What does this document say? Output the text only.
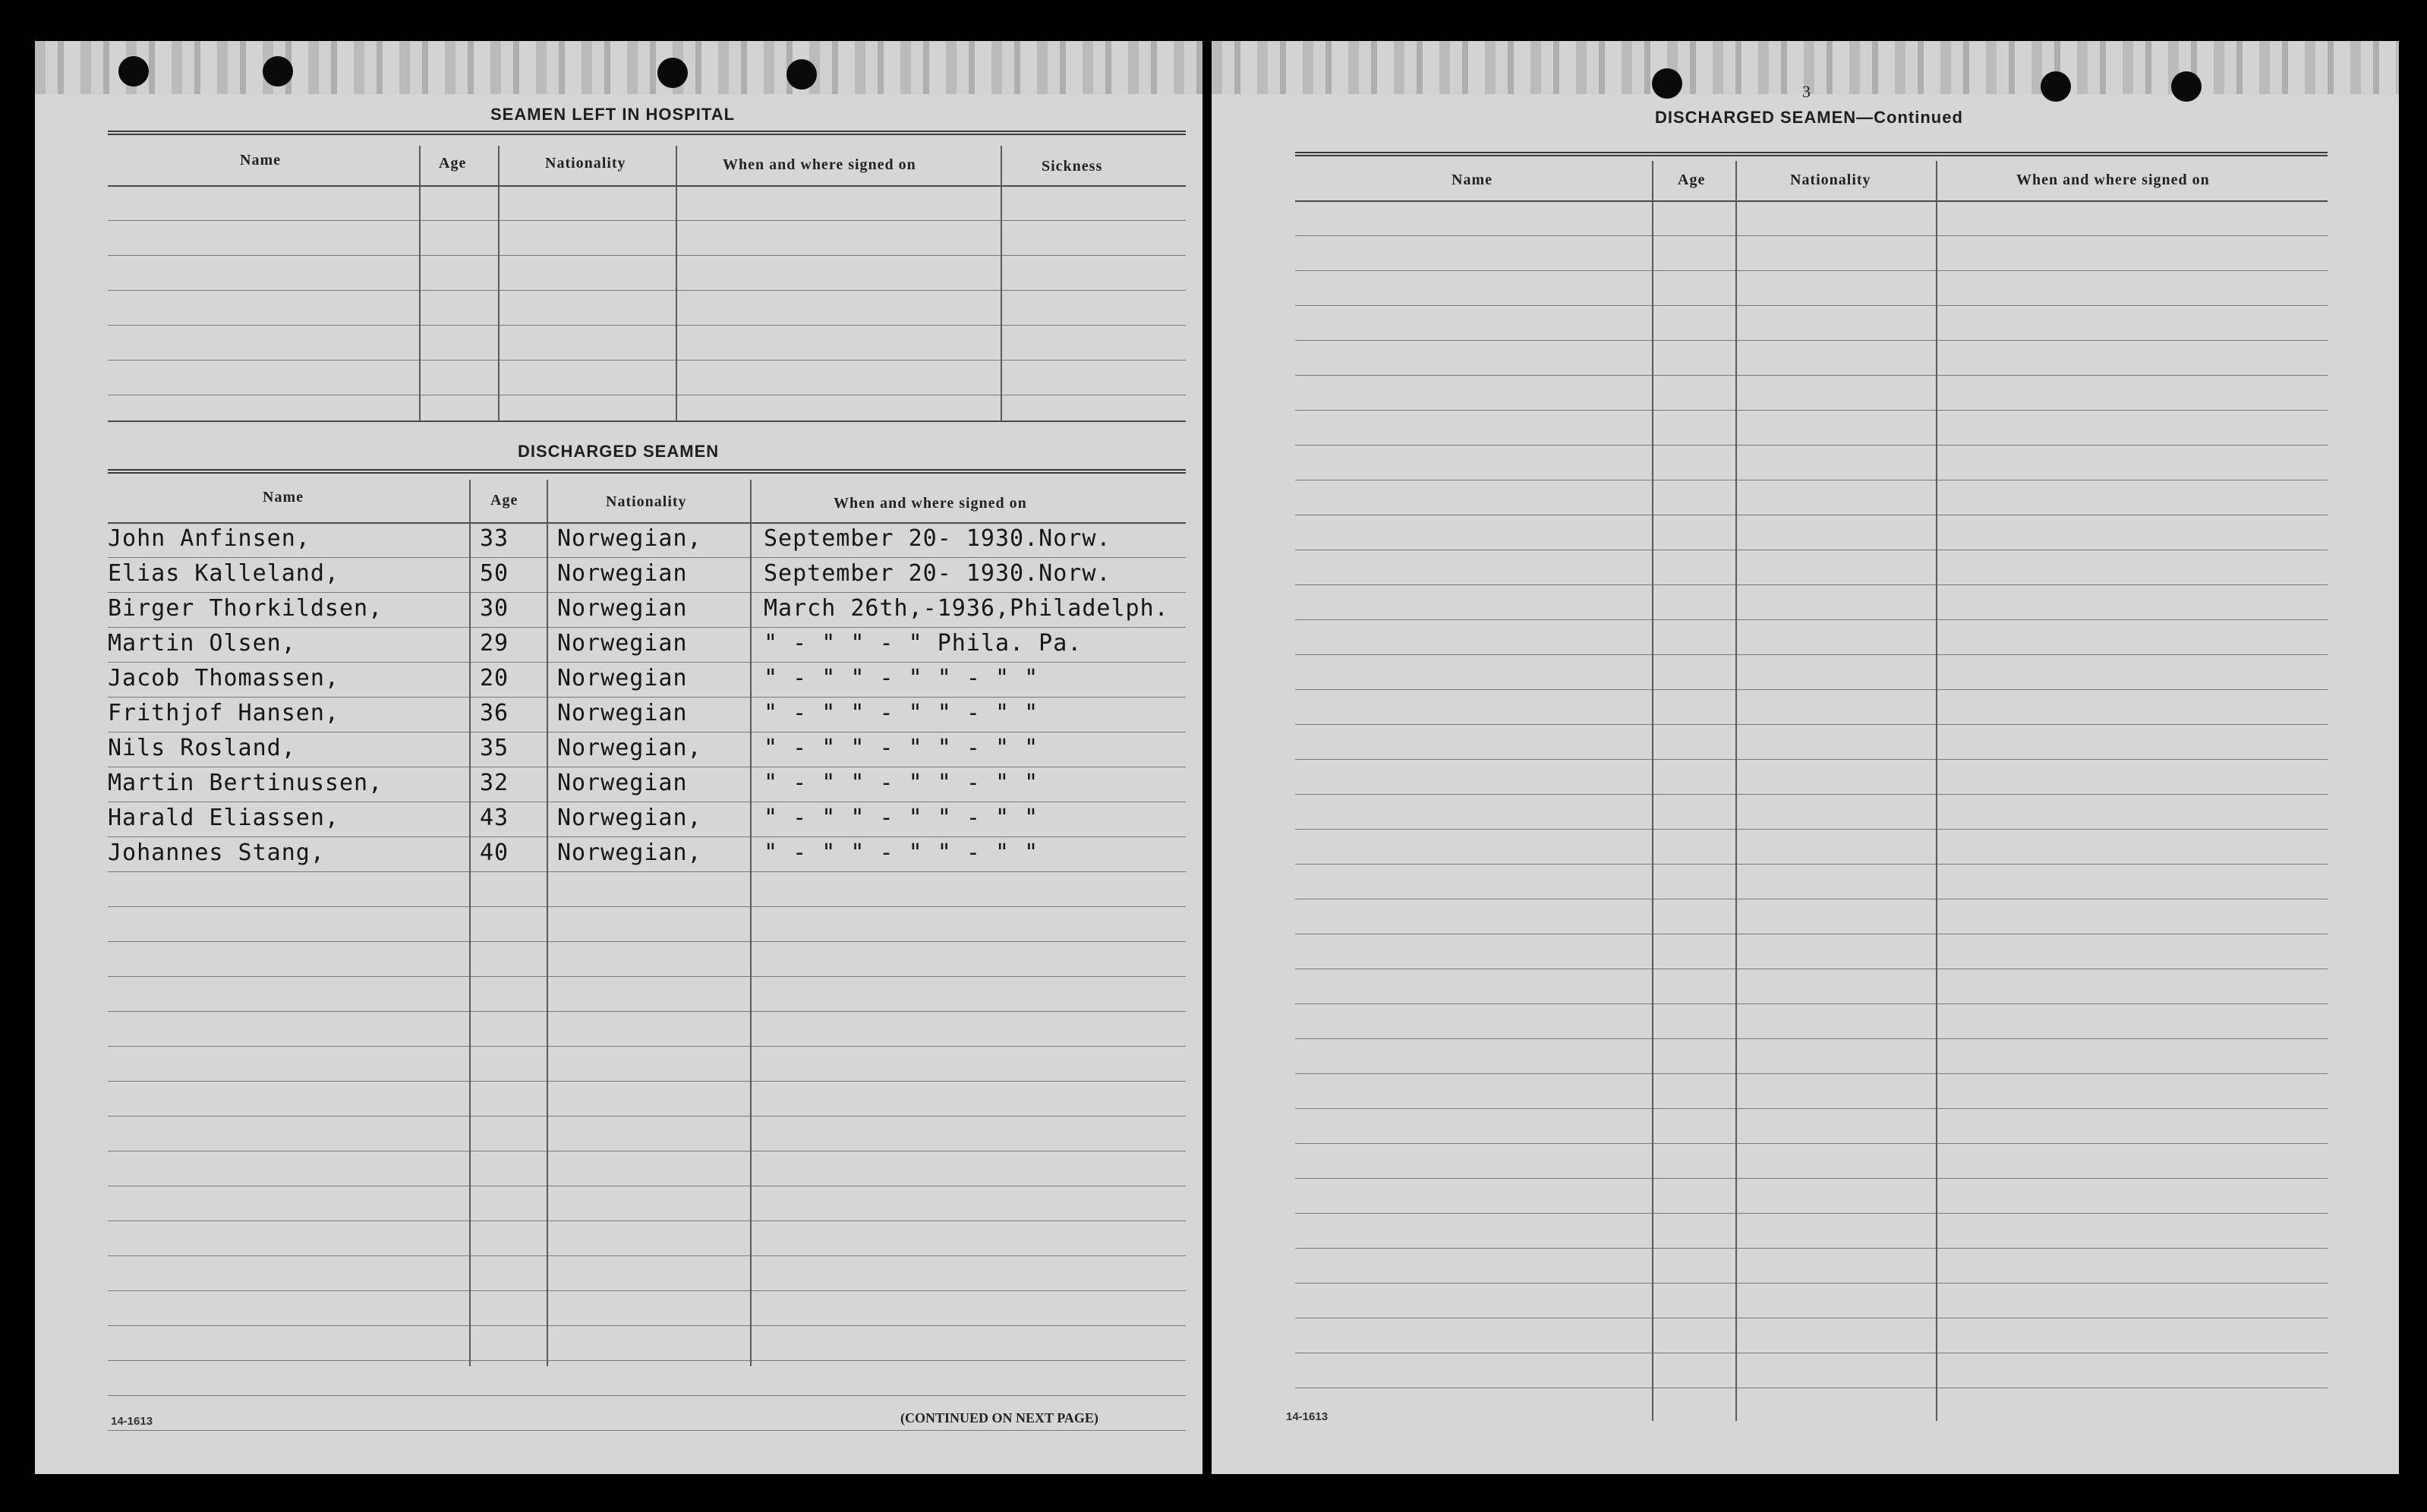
SEAMEN LEFT IN HOSPITAL
Name	Age	Nationality	When and where signed on	Sickness
DISCHARGED SEAMEN
Name	Age	Nationality	When and where signed on
John Anfinsen,	33 Norwegian,	September 20- 1930.Norw.
Elias Kalleland,	50 Norwegian	September 20- 1930.Norw.
Birger Thorkildsen,	30 Norwegian	March 26th,-1936,Philadelph.
Martin Olsen,	29 Norwegian	" - " " - " Phila. Pa.
Jacob Thomassen,	20 Norwegian	" - " " - " " - " "
Frithjof Hansen,	36 Norwegian	" - " " - " " - " "
Nils Rosland,	35 Norwegian,	" - " " - " " - " "
Martin Bertinussen,	32 Norwegian	" - " " - " " - " "
Harald Eliassen,	43 Norwegian,	" - " " - " " - " "
Johannes Stang,	40 Norwegian,	" - " " - " " - " "
14-1613	(CONTINUED ON NEXT PAGE)
3
DISCHARGED SEAMEN—Continued
Name	Age	Nationality	When and where signed on
14-1613
